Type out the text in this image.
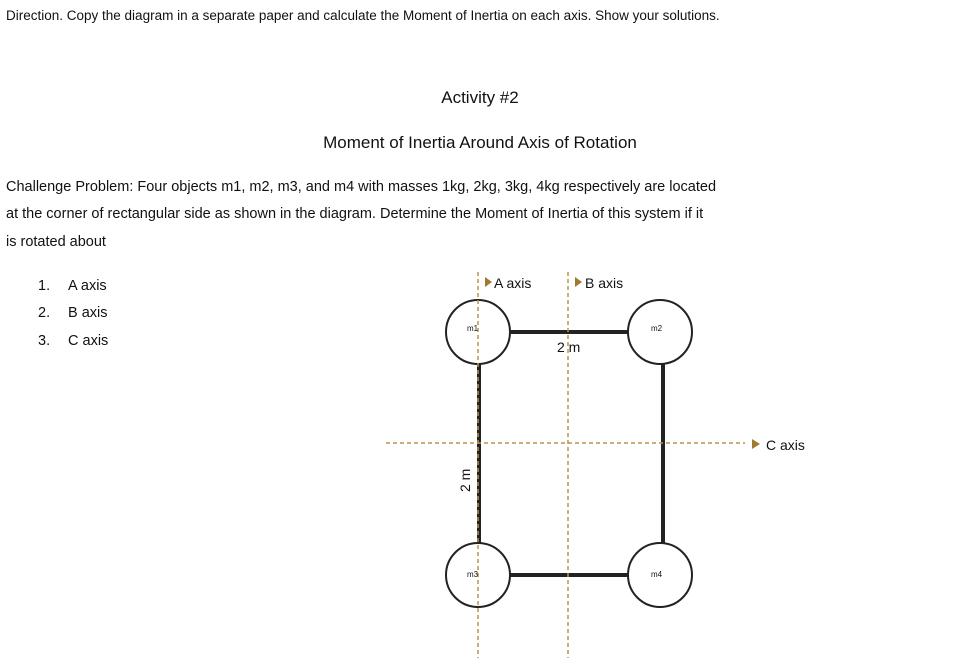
Direction. Copy the diagram in a separate paper and calculate the Moment of Inertia on each axis. Show your solutions.
Activity #2
Moment of Inertia Around Axis of Rotation
Challenge Problem: Four objects m1, m2, m3, and m4 with masses 1kg, 2kg, 3kg, 4kg respectively are located
at the corner of rectangular side as shown in the diagram. Determine the Moment of Inertia of this system if it
is rotated about
1. A axis
2. B axis
3. C axis
A axis	B axis
C axis
m1	m2
m3	m4
2 m
2 m
